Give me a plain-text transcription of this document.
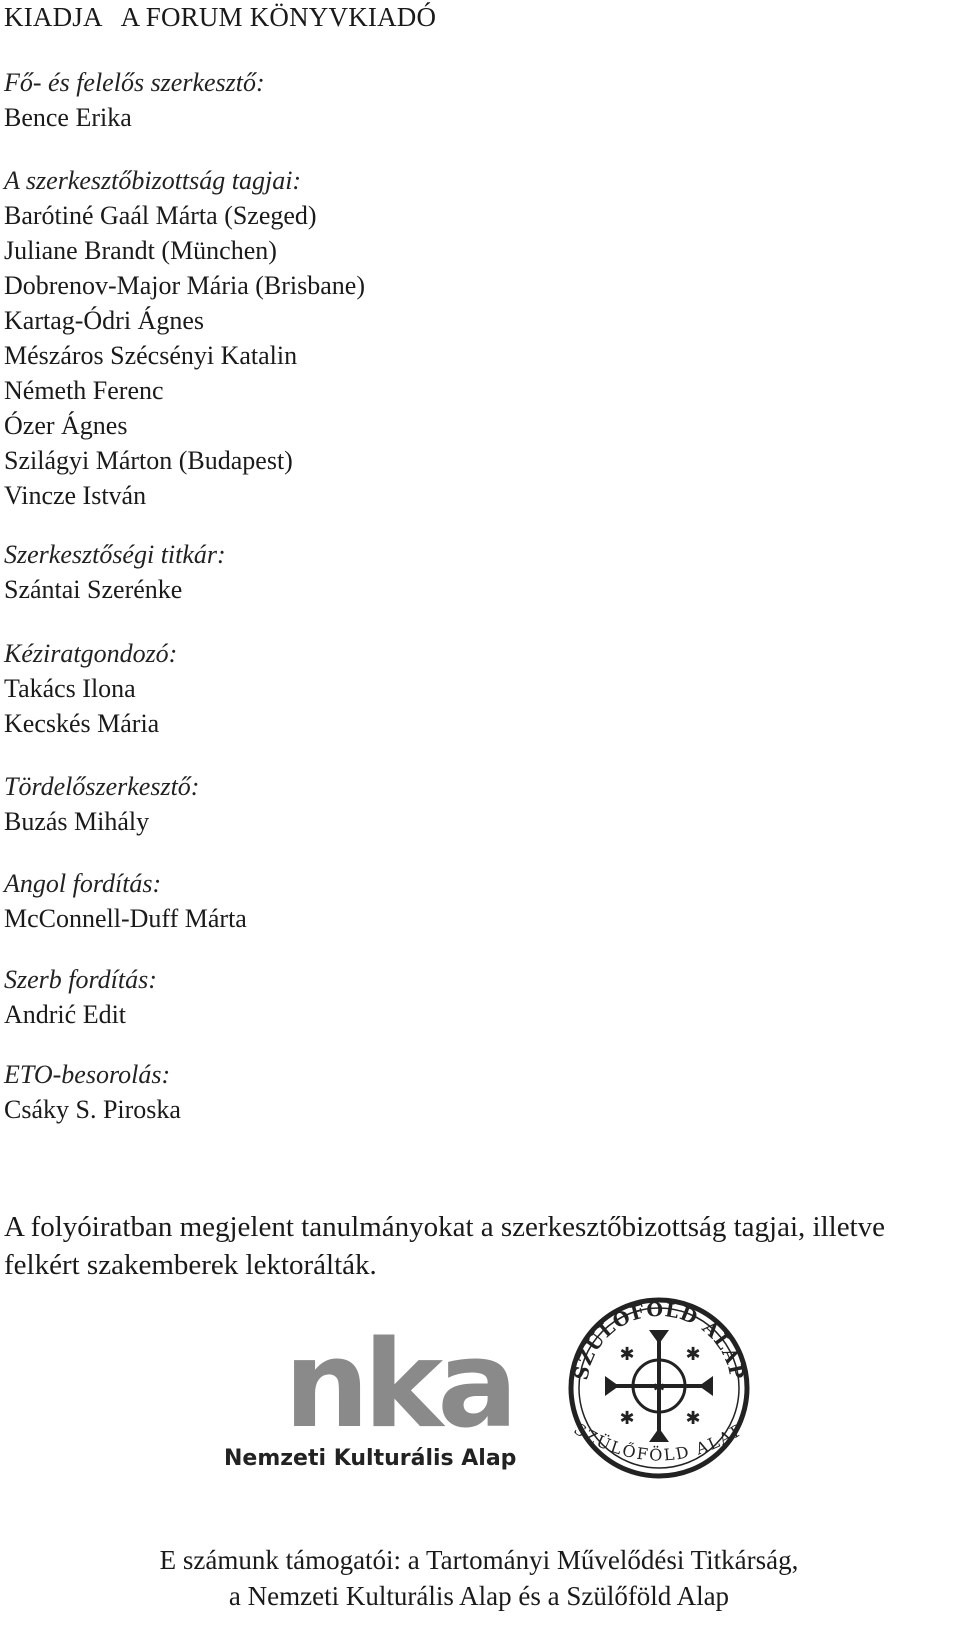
KIADJA   A FORUM KÖNYVKIADÓ
Fő- és felelős szerkesztő:
Bence Erika
A szerkesztőbizottság tagjai:
Barótiné Gaál Márta (Szeged)
Juliane Brandt (München)
Dobrenov-Major Mária (Brisbane)
Kartag-Ódri Ágnes
Mészáros Szécsényi Katalin
Németh Ferenc
Ózer Ágnes
Szilágyi Márton (Budapest)
Vincze István
Szerkesztőségi titkár:
Szántai Szerénke
Kéziratgondozó:
Takács Ilona
Kecskés Mária
Tördelőszerkesztő:
Buzás Mihály
Angol fordítás:
McConnell-Duff Márta
Szerb fordítás:
Andrić Edit
ETO-besorolás:
Csáky S. Piroska
A folyóiratban megjelent tanulmányokat a szerkesztőbizottság tagjai, illetve felkért szakemberek lektorálták.
nka
Nemzeti Kulturális Alap
SZÜLŐFÖLD ALAP
✱	✱
✱	✱
✱
SZÜLŐFÖLD ALAP
E számunk támogatói: a Tartományi Művelődési Titkárság,
a Nemzeti Kulturális Alap és a Szülőföld Alap
